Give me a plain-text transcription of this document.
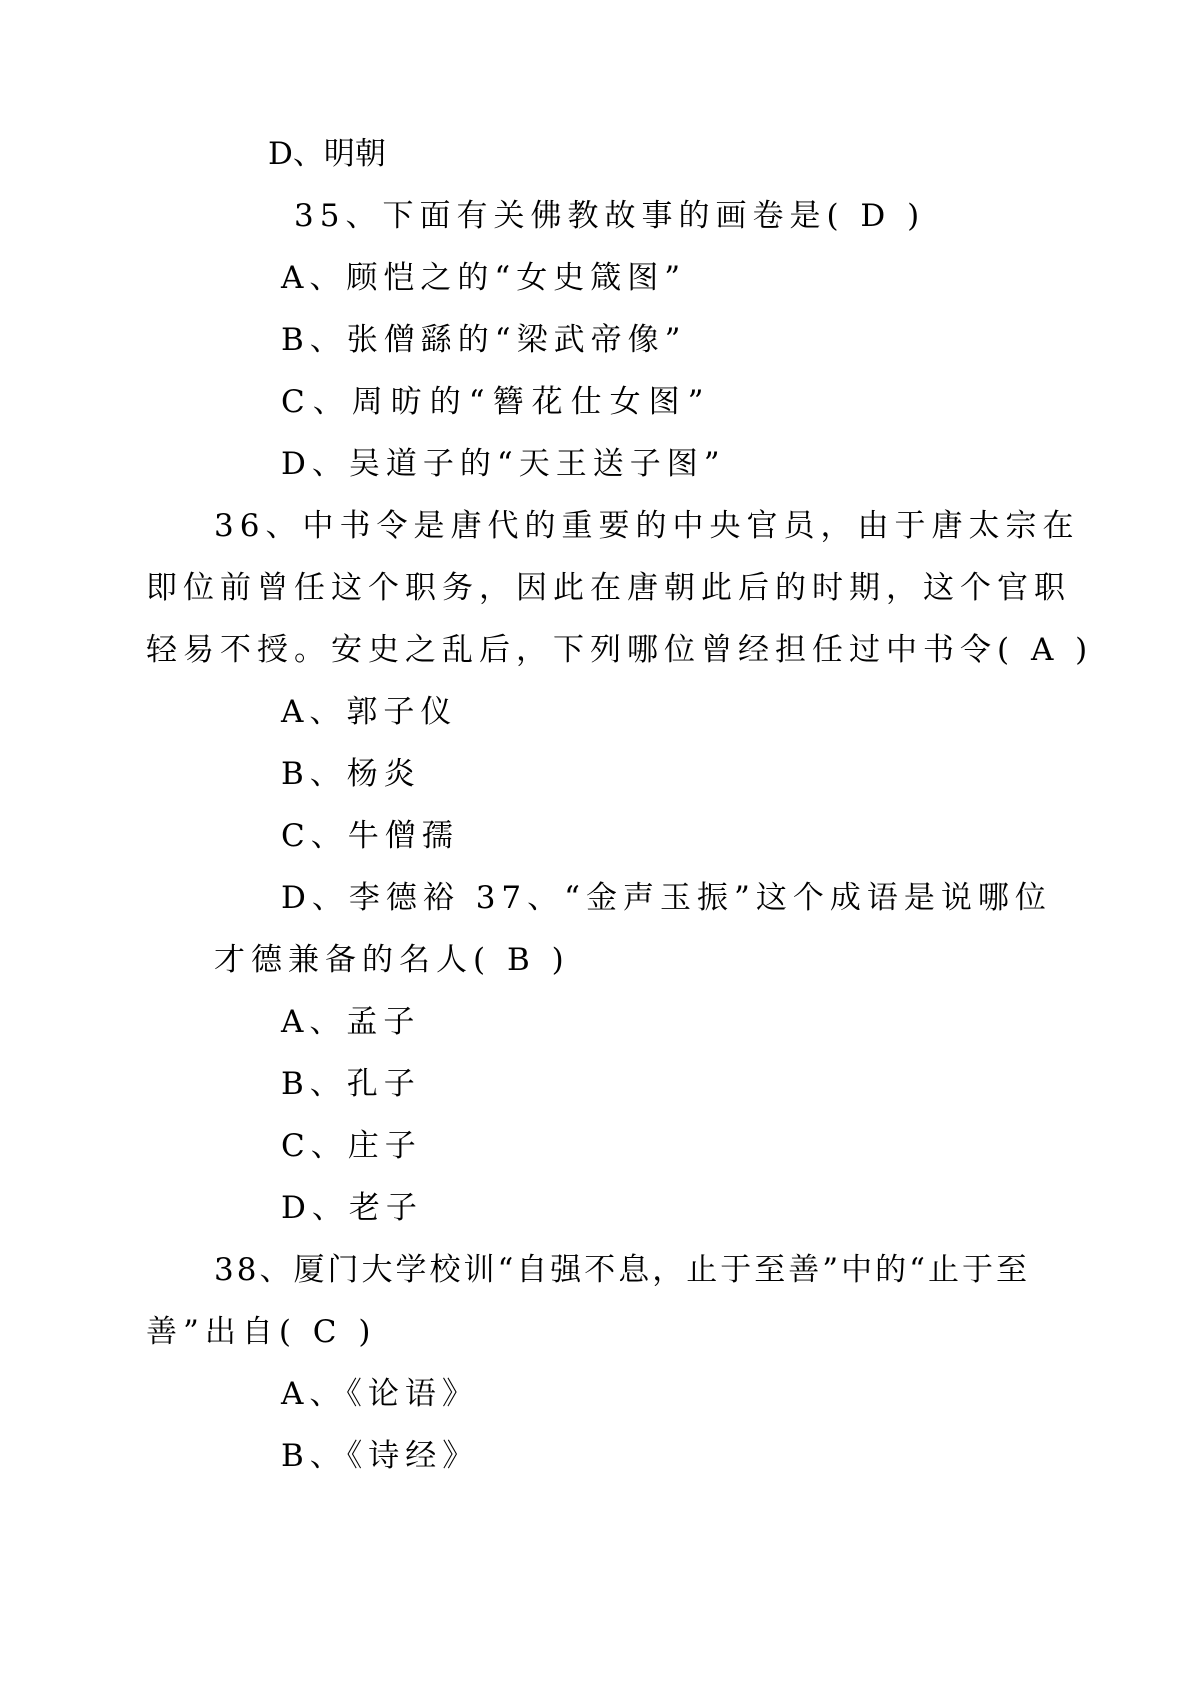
D、明朝
35、下面有关佛教故事的画卷是( D )
A、顾恺之的“女史箴图”
B、张僧繇的“梁武帝像”
C、周昉的“簪花仕女图”
D、吴道子的“天王送子图”
36、中书令是唐代的重要的中央官员，由于唐太宗在
即位前曾任这个职务，因此在唐朝此后的时期，这个官职
轻易不授。安史之乱后，下列哪位曾经担任过中书令( A )
A、郭子仪
B、杨炎
C、牛僧孺
D、李德裕 37、“金声玉振”这个成语是说哪位
才德兼备的名人( B )
A、孟子
B、孔子
C、庄子
D、老子
38、厦门大学校训“自强不息，止于至善”中的“止于至
善”出自( C )
A、《论语》
B、《诗经》
